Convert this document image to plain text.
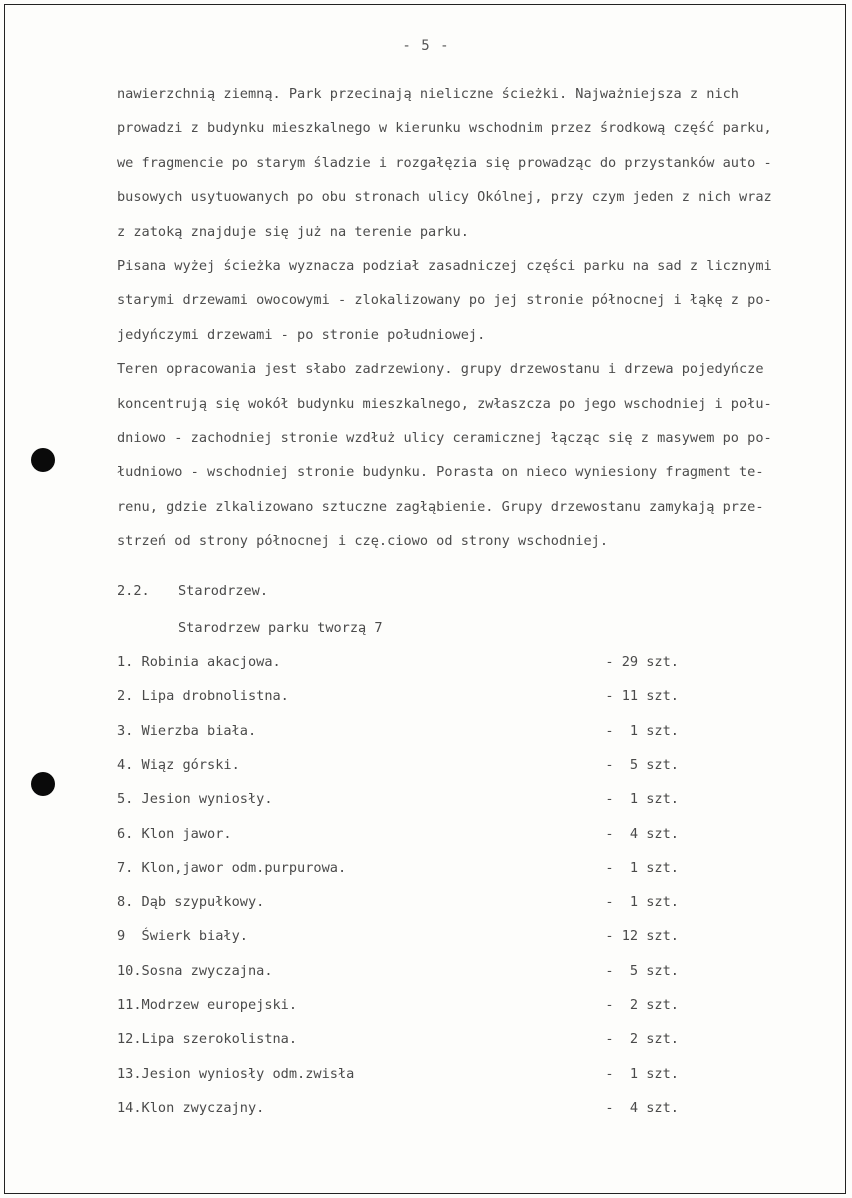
- 5 -
nawierzchnią ziemną. Park przecinają nieliczne ścieżki. Najważniejsza z nich
prowadzi z budynku mieszkalnego w kierunku wschodnim przez środkową część parku,
we fragmencie po starym śladzie i rozgałęzia się prowadząc do przystanków auto -
busowych usytuowanych po obu stronach ulicy Okólnej, przy czym jeden z nich wraz
z zatoką znajduje się już na terenie parku.
Pisana wyżej ścieżka wyznacza podział zasadniczej części parku na sad z licznymi
starymi drzewami owocowymi - zlokalizowany po jej stronie północnej i łąkę z po-
jedyńczymi drzewami - po stronie południowej.
Teren opracowania jest słabo zadrzewiony. grupy drzewostanu i drzewa pojedyńcze
koncentrują się wokół budynku mieszkalnego, zwłaszcza po jego wschodniej i połu-
dniowo - zachodniej stronie wzdłuż ulicy ceramicznej łącząc się z masywem po po-
łudniowo - wschodniej stronie budynku. Porasta on nieco wyniesiony fragment te-
renu, gdzie zlkalizowano sztuczne zagłąbienie. Grupy drzewostanu zamykają prze-
strzeń od strony północnej i czę.ciowo od strony wschodniej.
2.2. Starodrzew.
Starodrzew parku tworzą 7
1. Robinia akacjowa.	- 29 szt.
2. Lipa drobnolistna.	- 11 szt.
3. Wierzba biała.	-  1 szt.
4. Wiąz górski.	-  5 szt.
5. Jesion wyniosły.	-  1 szt.
6. Klon jawor.	-  4 szt.
7. Klon,jawor odm.purpurowa.	-  1 szt.
8. Dąb szypułkowy.	-  1 szt.
9  Świerk biały.	- 12 szt.
10.Sosna zwyczajna.	-  5 szt.
11.Modrzew europejski.	-  2 szt.
12.Lipa szerokolistna.	-  2 szt.
13.Jesion wyniosły odm.zwisła	-  1 szt.
14.Klon zwyczajny.	-  4 szt.
